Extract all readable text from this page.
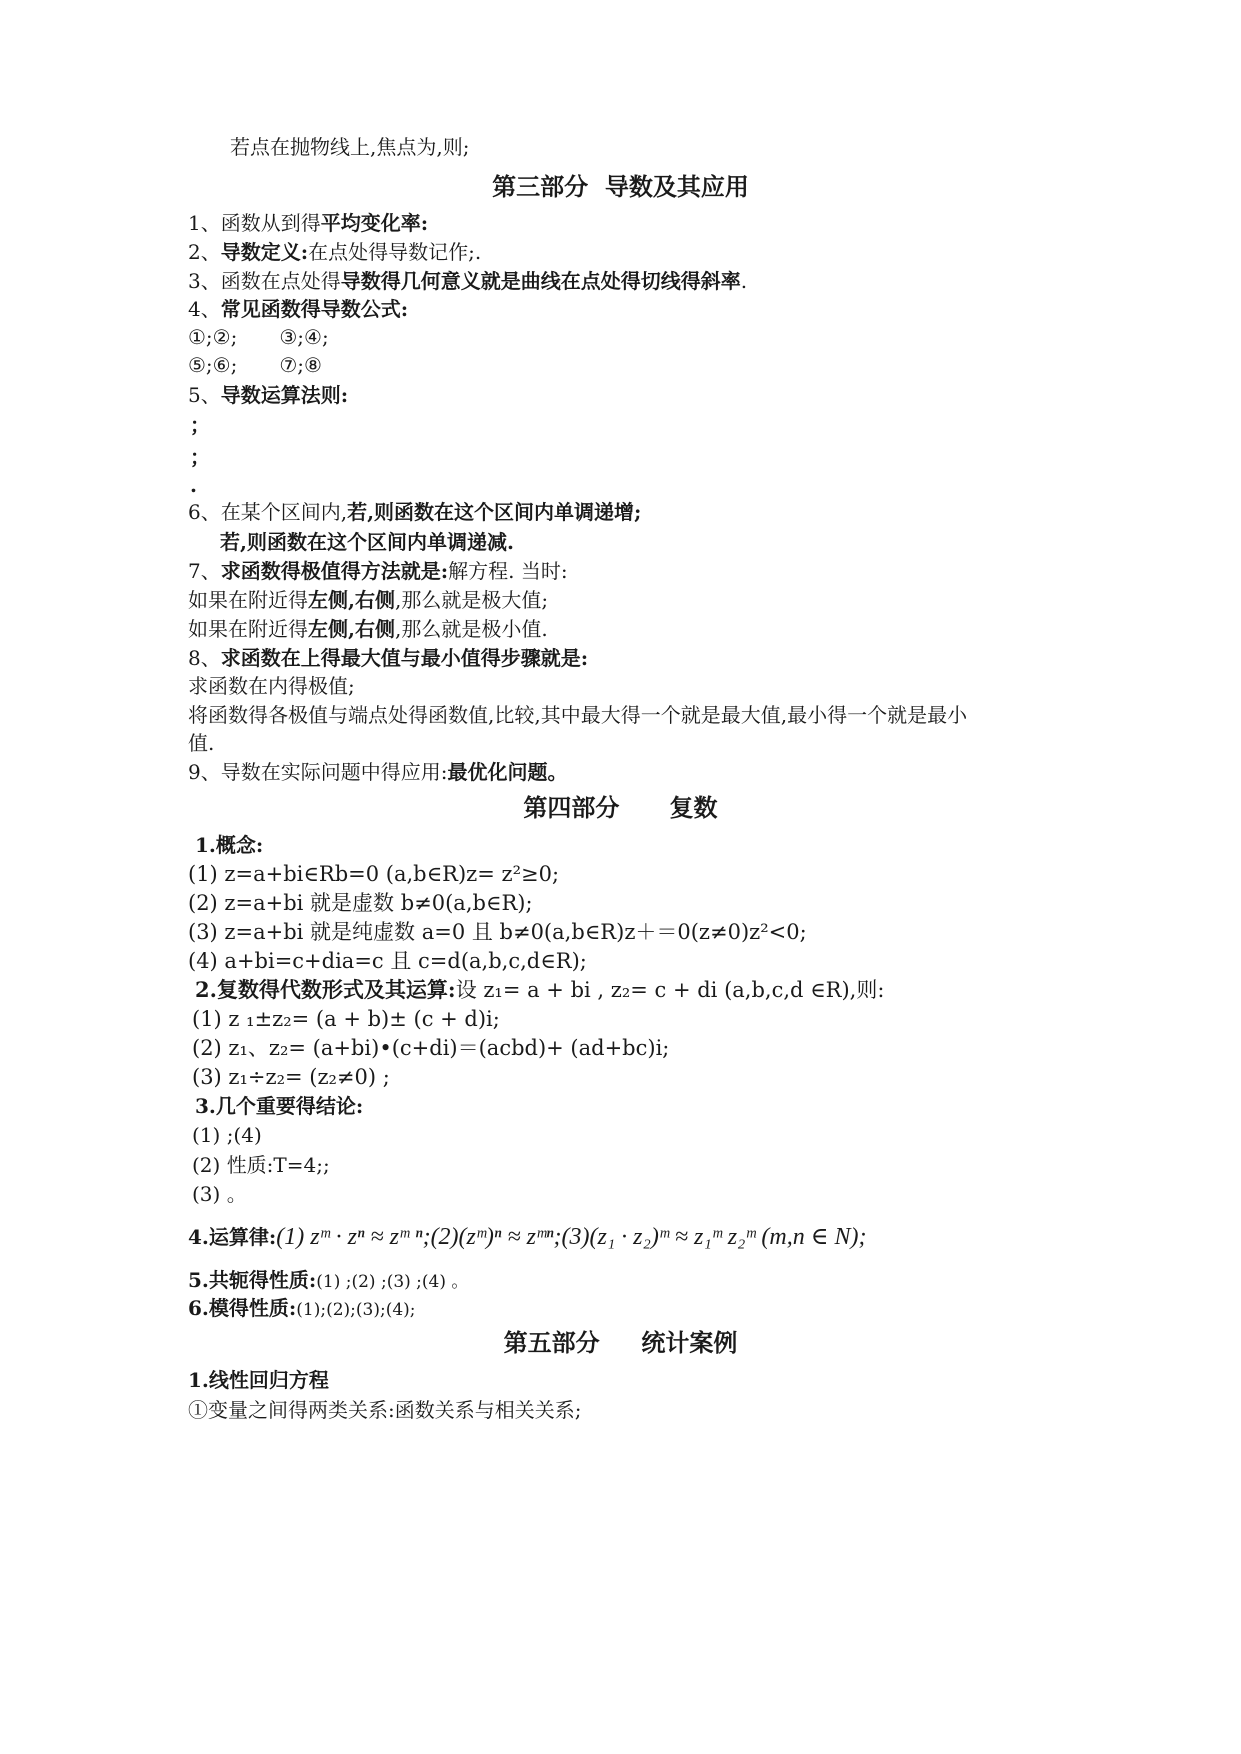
若点在抛物线上,焦点为,则;
第三部分  导数及其应用
1、函数从到得平均变化率:
2、导数定义:在点处得导数记作;.
3、函数在点处得导数得几何意义就是曲线在点处得切线得斜率.
4、常见函数得导数公式:
①;②; ③;④;
⑤;⑥; ⑦;⑧
5、导数运算法则:
；
；
.
6、在某个区间内,若,则函数在这个区间内单调递增;
若,则函数在这个区间内单调递减.
7、求函数得极值得方法就是:解方程. 当时:
如果在附近得左侧,右侧,那么就是极大值;
如果在附近得左侧,右侧,那么就是极小值.
8、求函数在上得最大值与最小值得步骤就是:
求函数在内得极值;
将函数得各极值与端点处得函数值,比较,其中最大得一个就是最大值,最小得一个就是最小
值.
9、导数在实际问题中得应用:最优化问题。
第四部分      复数
1.概念:
(1) z=a+bi∈Rb=0 (a,b∈R)z= z²≥0;
(2) z=a+bi 就是虚数 b≠0(a,b∈R);
(3) z=a+bi 就是纯虚数 a=0 且 b≠0(a,b∈R)z＋＝0(z≠0)z²<0;
(4) a+bi=c+dia=c 且 c=d(a,b,c,d∈R);
2.复数得代数形式及其运算:设 z₁= a + bi , z₂= c + di (a,b,c,d ∈R),则:
(1) z ₁±z₂= (a + b)± (c + d)i;
(2) z₁、z₂= (a+bi)•(c+di)＝(acbd)+ (ad+bc)i;
(3) z₁÷z₂= (z₂≠0) ;
3.几个重要得结论:
(1) ;(4)
(2) 性质:T=4;;
(3) 。
4.运算律:(1) zᵐ · zⁿ ≈ zᵐ ⁿ;(2)(zᵐ)ⁿ ≈ zᵐⁿ;(3)(z₁ · z₂)ᵐ ≈ z₁ᵐ z₂ᵐ (m,n ∈ N);
5.共轭得性质:(1) ;(2) ;(3) ;(4) 。
6.模得性质:(1);(2);(3);(4);
第五部分     统计案例
1.线性回归方程
①变量之间得两类关系:函数关系与相关关系;
